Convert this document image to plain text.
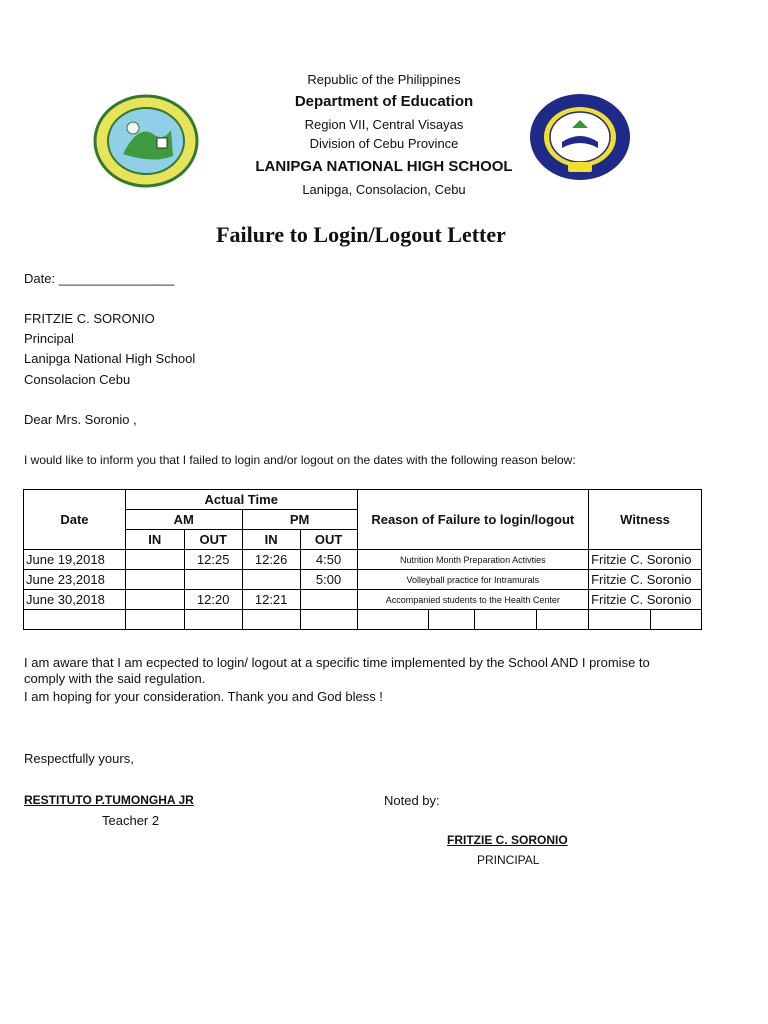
Republic of the Philippines
Department of Education
Region VII, Central Visayas
Division of Cebu Province
LANIPGA NATIONAL HIGH SCHOOL
Lanipga, Consolacion, Cebu
Failure to Login/Logout Letter
Date: ________________
FRITZIE C. SORONIO
Principal
Lanipga National High School
Consolacion Cebu
Dear Mrs. Soronio ,
I would like to inform you that I failed to login and/or logout on the dates with the following reason below:
Date	Actual Time				Reason of Failure to login/logout				Witness	
	AM		PM							
	IN	OUT	IN	OUT						
June 19,2018		12:25	12:26	4:50	Nutrition Month Preparation Activties				Fritzie C. Soronio	
June 23,2018				5:00	Volleyball practice for Intramurals				Fritzie C. Soronio	
June 30,2018		12:20	12:21		Accompanied students to the Health Center				Fritzie C. Soronio	

I am aware that I am ecpected to login/ logout at a specific time implemented by the School AND I promise to
comply with the said regulation.
I am hoping for your consideration. Thank you and God bless !
Respectfully yours,
RESTITUTO P.TUMONGHA JR
Teacher 2
Noted by:
FRITZIE C. SORONIO
PRINCIPAL
